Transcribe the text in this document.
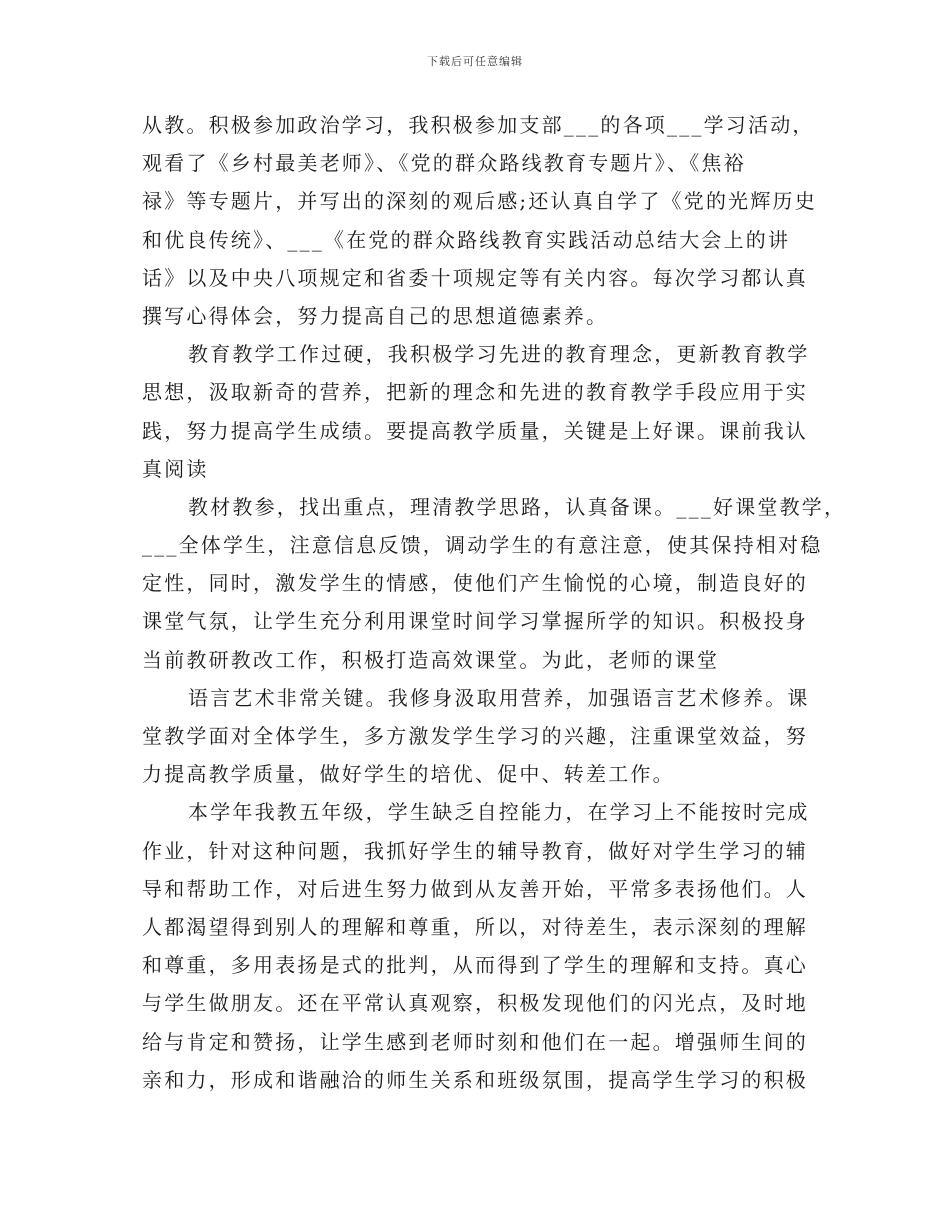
下载后可任意编辑
从教。积极参加政治学习，我积极参加支部___的各项___学习活动，
观看了《乡村最美老师》、《党的群众路线教育专题片》、《焦裕
禄》等专题片，并写出的深刻的观后感;还认真自学了《党的光辉历史
和优良传统》、___《在党的群众路线教育实践活动总结大会上的讲
话》以及中央八项规定和省委十项规定等有关内容。每次学习都认真
撰写心得体会，努力提高自己的思想道德素养。
教育教学工作过硬，我积极学习先进的教育理念，更新教育教学
思想，汲取新奇的营养，把新的理念和先进的教育教学手段应用于实
践，努力提高学生成绩。要提高教学质量，关键是上好课。课前我认
真阅读
教材教参，找出重点，理清教学思路，认真备课。___好课堂教学，
___全体学生，注意信息反馈，调动学生的有意注意，使其保持相对稳
定性，同时，激发学生的情感，使他们产生愉悦的心境，制造良好的
课堂气氛，让学生充分利用课堂时间学习掌握所学的知识。积极投身
当前教研教改工作，积极打造高效课堂。为此，老师的课堂
语言艺术非常关键。我修身汲取用营养，加强语言艺术修养。课
堂教学面对全体学生，多方激发学生学习的兴趣，注重课堂效益，努
力提高教学质量，做好学生的培优、促中、转差工作。
本学年我教五年级，学生缺乏自控能力，在学习上不能按时完成
作业，针对这种问题，我抓好学生的辅导教育，做好对学生学习的辅
导和帮助工作，对后进生努力做到从友善开始，平常多表扬他们。人
人都渴望得到别人的理解和尊重，所以，对待差生，表示深刻的理解
和尊重，多用表扬是式的批判，从而得到了学生的理解和支持。真心
与学生做朋友。还在平常认真观察，积极发现他们的闪光点，及时地
给与肯定和赞扬，让学生感到老师时刻和他们在一起。增强师生间的
亲和力，形成和谐融洽的师生关系和班级氛围，提高学生学习的积极
